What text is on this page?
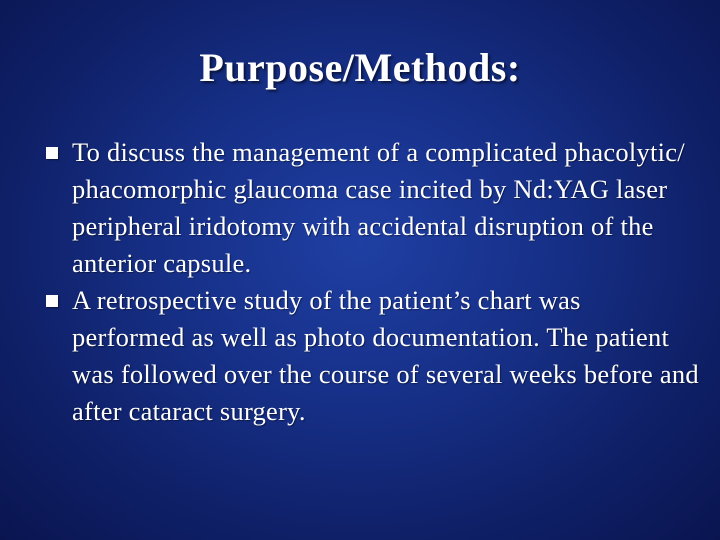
Purpose/Methods:
To discuss the management of a complicated phacolytic/ phacomorphic glaucoma case incited by Nd:YAG laser peripheral iridotomy with accidental disruption of the anterior capsule.
A retrospective study of the patient’s chart was performed as well as photo documentation. The patient was followed over the course of several weeks before and after cataract surgery.
